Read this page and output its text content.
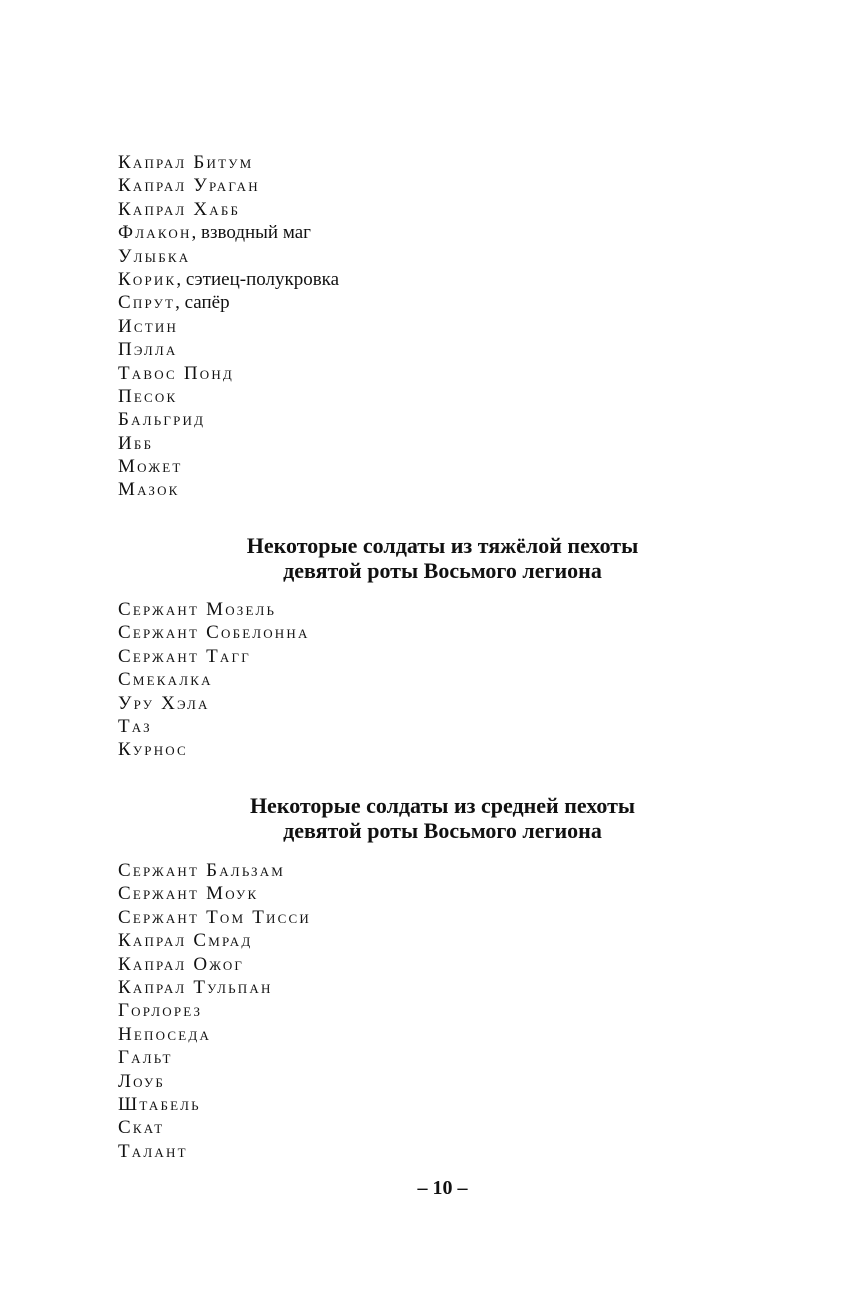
Капрал Битум
Капрал Ураган
Капрал Хабб
Флакон, взводный маг
Улыбка
Корик, сэтиец-полукровка
Спрут, сапёр
Истин
Пэлла
Тавос Понд
Песок
Бальгрид
Ибб
Может
Мазок
Некоторые солдаты из тяжёлой пехоты
девятой роты Восьмого легиона
Сержант Мозель
Сержант Собелонна
Сержант Тагг
Смекалка
Уру Хэла
Таз
Курнос
Некоторые солдаты из средней пехоты
девятой роты Восьмого легиона
Сержант Бальзам
Сержант Моук
Сержант Том Тисси
Капрал Смрад
Капрал Ожог
Капрал Тульпан
Горлорез
Непоседа
Гальт
Лоуб
Штабель
Скат
Талант
– 10 –
